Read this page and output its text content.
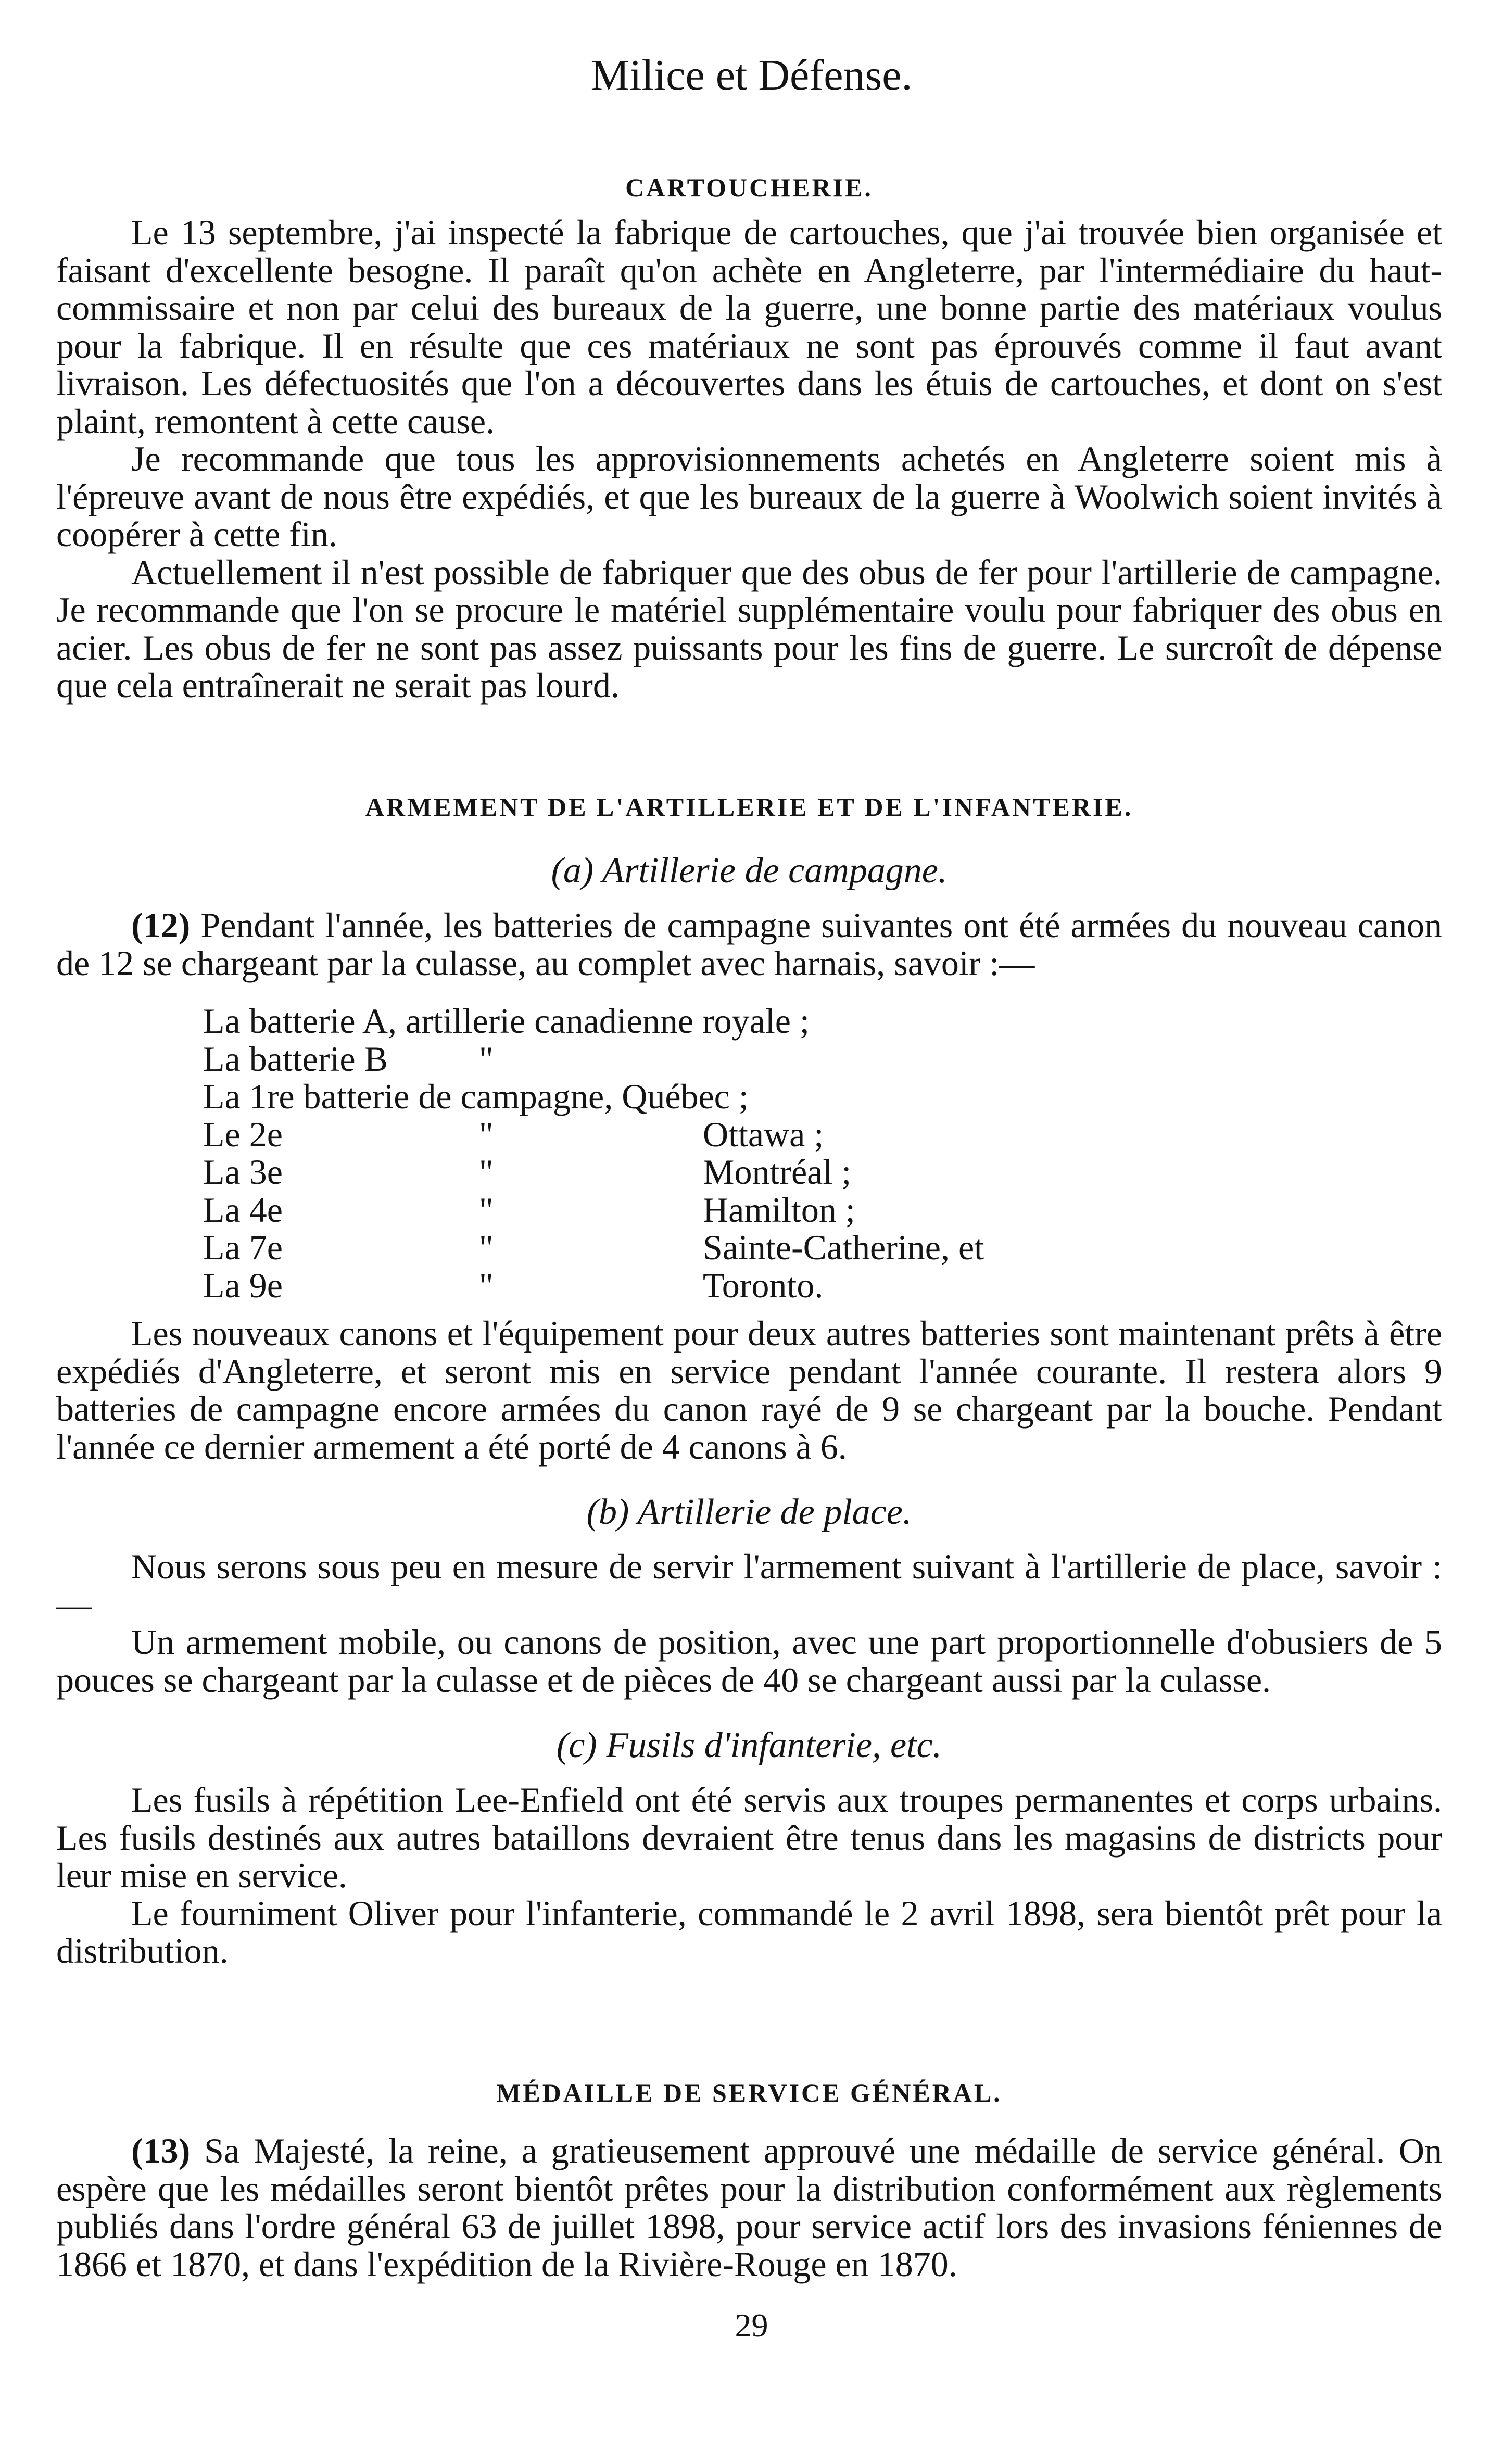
Milice et Défense.
CARTOUCHERIE.

Le 13 septembre, j'ai inspecté la fabrique de cartouches, que j'ai trouvée bien organisée et faisant d'excellente besogne. Il paraît qu'on achète en Angleterre, par l'intermédiaire du haut-commissaire et non par celui des bureaux de la guerre, une bonne partie des matériaux voulus pour la fabrique. Il en résulte que ces matériaux ne sont pas éprouvés comme il faut avant livraison. Les défectuosités que l'on a découvertes dans les étuis de cartouches, et dont on s'est plaint, remontent à cette cause.

Je recommande que tous les approvisionnements achetés en Angleterre soient mis à l'épreuve avant de nous être expédiés, et que les bureaux de la guerre à Woolwich soient invités à coopérer à cette fin.

Actuellement il n'est possible de fabriquer que des obus de fer pour l'artillerie de campagne. Je recommande que l'on se procure le matériel supplémentaire voulu pour fabriquer des obus en acier. Les obus de fer ne sont pas assez puissants pour les fins de guerre. Le surcroît de dépense que cela entraînerait ne serait pas lourd.

ARMEMENT DE L'ARTILLERIE ET DE L'INFANTERIE.
(a) Artillerie de campagne.

(12) Pendant l'année, les batteries de campagne suivantes ont été armées du nouveau canon de 12 se chargeant par la culasse, au complet avec harnais, savoir :—

La batterie A, artillerie canadienne royale ;
La batterie B	"
La 1re batterie de campagne, Québec ;
Le 2e	"	Ottawa ;
La 3e	"	Montréal ;
La 4e	"	Hamilton ;
La 7e	"	Sainte-Catherine, et
La 9e	"	Toronto.

Les nouveaux canons et l'équipement pour deux autres batteries sont maintenant prêts à être expédiés d'Angleterre, et seront mis en service pendant l'année courante. Il restera alors 9 batteries de campagne encore armées du canon rayé de 9 se chargeant par la bouche. Pendant l'année ce dernier armement a été porté de 4 canons à 6.

(b) Artillerie de place.

Nous serons sous peu en mesure de servir l'armement suivant à l'artillerie de place, savoir :—

Un armement mobile, ou canons de position, avec une part proportionnelle d'obusiers de 5 pouces se chargeant par la culasse et de pièces de 40 se chargeant aussi par la culasse.

(c) Fusils d'infanterie, etc.

Les fusils à répétition Lee-Enfield ont été servis aux troupes permanentes et corps urbains. Les fusils destinés aux autres bataillons devraient être tenus dans les magasins de districts pour leur mise en service.

Le fourniment Oliver pour l'infanterie, commandé le 2 avril 1898, sera bientôt prêt pour la distribution.

MÉDAILLE DE SERVICE GÉNÉRAL.

(13) Sa Majesté, la reine, a gratieusement approuvé une médaille de service général. On espère que les médailles seront bientôt prêtes pour la distribution conformément aux règlements publiés dans l'ordre général 63 de juillet 1898, pour service actif lors des invasions féniennes de 1866 et 1870, et dans l'expédition de la Rivière-Rouge en 1870.

29
